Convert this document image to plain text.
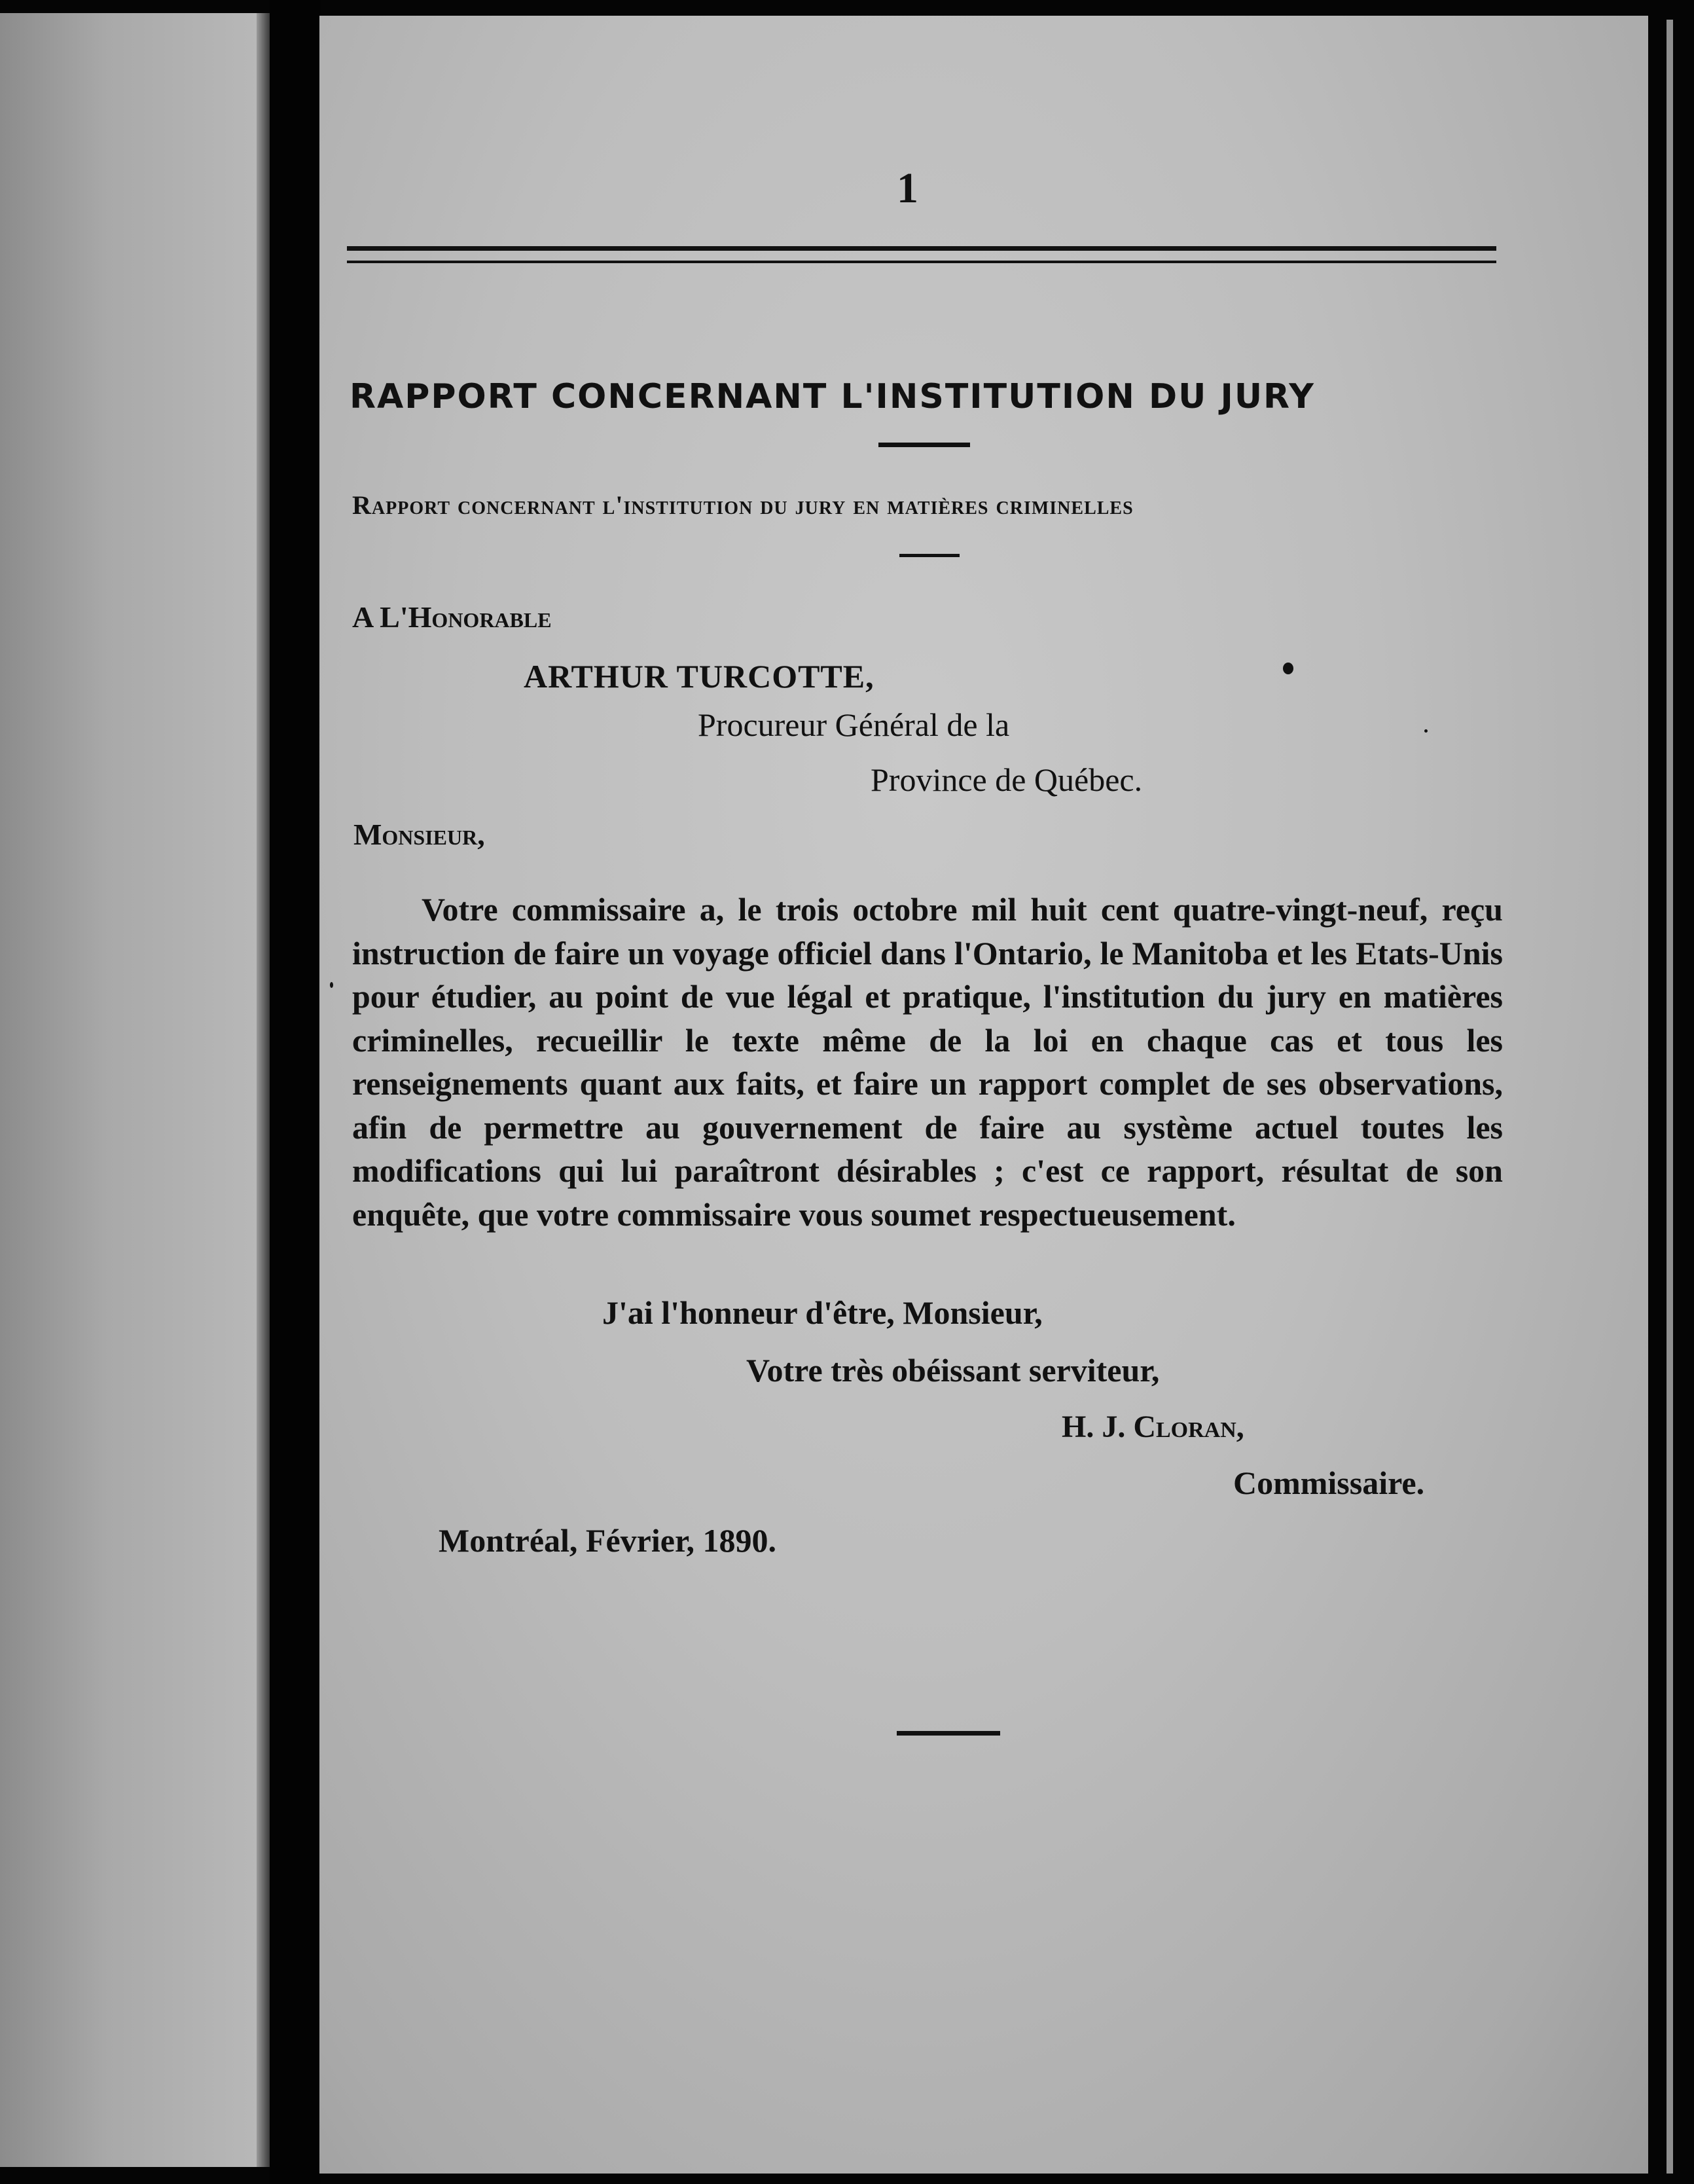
1
RAPPORT CONCERNANT L'INSTITUTION DU JURY
Rapport concernant l'institution du jury en matières criminelles
A L'Honorable
ARTHUR TURCOTTE,
Procureur Général de la
Province de Québec.
Monsieur,

Votre commissaire a, le trois octobre mil huit cent quatre-vingt-neuf, reçu instruction de faire un voyage officiel dans l'Ontario, le Manitoba et les Etats-Unis pour étudier, au point de vue légal et pratique, l'institution du jury en matières criminelles, recueillir le texte même de la loi en chaque cas et tous les renseignements quant aux faits, et faire un rapport complet de ses observations, afin de permettre au gouvernement de faire au système actuel toutes les modifications qui lui paraîtront désirables ; c'est ce rapport, résultat de son enquête, que votre commissaire vous soumet respectueusement.

J'ai l'honneur d'être, Monsieur,
Votre très obéissant serviteur,
H. J. Cloran,
Commissaire.
Montréal, Février, 1890.
